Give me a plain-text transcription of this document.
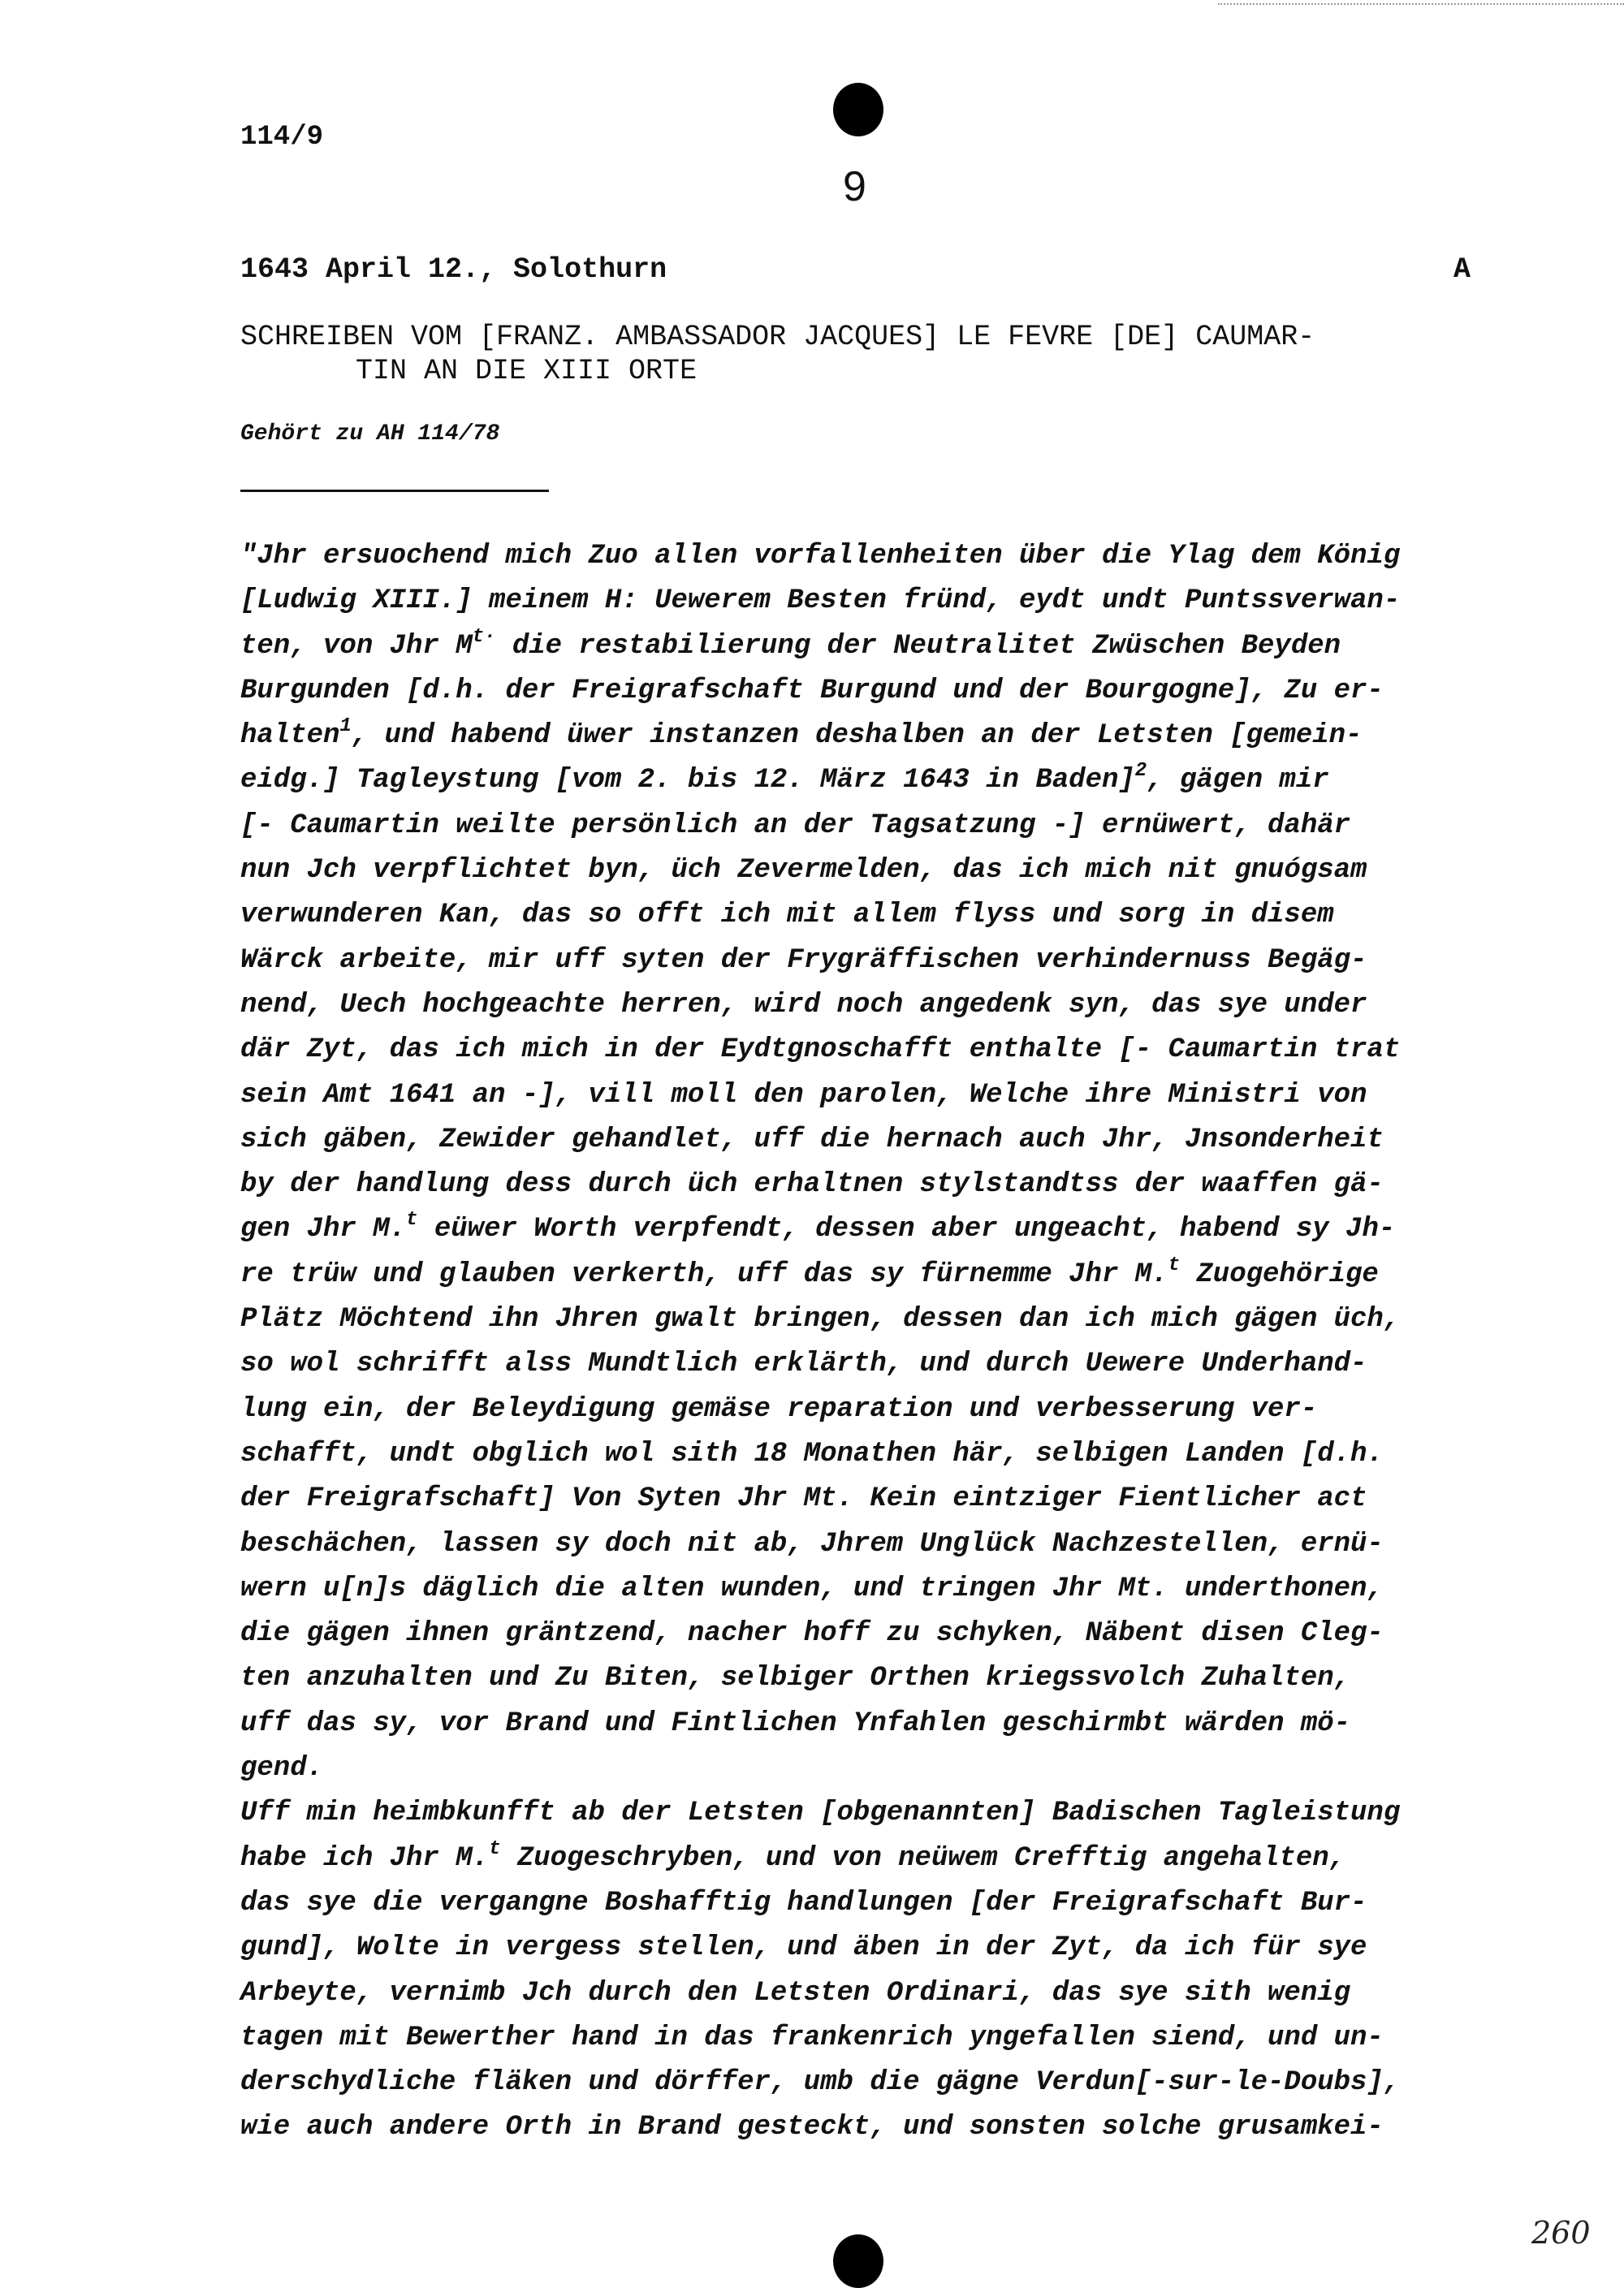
114/9
9
1643 April 12., Solothurn	A
SCHREIBEN VOM [FRANZ. AMBASSADOR JACQUES] LE FEVRE [DE] CAUMAR-
TIN AN DIE XIII ORTE
Gehört zu AH 114/78
"Jhr ersuochend mich Zuo allen vorfallenheiten über die Ylag dem König
[Ludwig XIII.] meinem H: Uewerem Besten fründ, eydt undt Puntssverwan-
ten, von Jhr $M^{t\cdot}$ die restabilierung der Neutralitet Zwüschen Beyden
Burgunden [d.h. der Freigrafschaft Burgund und der Bourgogne], Zu er-
halten$^1$, und habend üwer instanzen deshalben an der Letsten [gemein-
eidg.] Tagleystung [vom 2. bis 12. März 1643 in Baden]$^2$, gägen mir
[- Caumartin weilte persönlich an der Tagsatzung -] ernüwert, dahär
nun Jch verpflichtet byn, üch Zevermelden, das ich mich nit gnuógsam
verwunderen Kan, das so offt ich mit allem flyss und sorg in disem
Wärck arbeite, mir uff syten der Frygräffischen verhindernuss Begäg-
nend, Uech hochgeachte herren, wird noch angedenk syn, das sye under
där Zyt, das ich mich in der Eydtgnoschafft enthalte [- Caumartin trat
sein Amt 1641 an -], vill moll den parolen, Welche ihre Ministri von
sich gäben, Zewider gehandlet, uff die hernach auch Jhr, Jnsonderheit
by der handlung dess durch üch erhaltnen stylstandtss der waaffen gä-
gen Jhr M.$^t$ eüwer Worth verpfendt, dessen aber ungeacht, habend sy Jh-
re trüw und glauben verkerth, uff das sy fürnemme Jhr M.$^t$ Zuogehörige
Plätz Möchtend ihn Jhren gwalt bringen, dessen dan ich mich gägen üch,
so wol schrifft alss Mundtlich erklärth, und durch Uewere Underhand-
lung ein, der Beleydigung gemäse reparation und verbesserung ver-
schafft, undt obglich wol sith 18 Monathen här, selbigen Landen [d.h.
der Freigrafschaft] Von Syten Jhr Mt. Kein eintziger Fientlicher act
beschächen, lassen sy doch nit ab, Jhrem Unglück Nachzestellen, ernü-
wern u[n]s däglich die alten wunden, und tringen Jhr Mt. underthonen,
die gägen ihnen gräntzend, nacher hoff zu schyken, Näbent disen Cleg-
ten anzuhalten und Zu Biten, selbiger Orthen kriegssvolch Zuhalten,
uff das sy, vor Brand und Fintlichen Ynfahlen geschirmbt wärden mö-
gend.
Uff min heimbkunfft ab der Letsten [obgenannten] Badischen Tagleistung
habe ich Jhr M.$^t$ Zuogeschryben, und von neüwem Crefftig angehalten,
das sye die vergangne Boshafftig handlungen [der Freigrafschaft Bur-
gund], Wolte in vergess stellen, und äben in der Zyt, da ich für sye
Arbeyte, vernimb Jch durch den Letsten Ordinari, das sye sith wenig
tagen mit Bewerther hand in das frankenrich yngefallen siend, und un-
derschydliche fläken und dörffer, umb die gägne Verdun[-sur-le-Doubs],
wie auch andere Orth in Brand gesteckt, und sonsten solche grusamkei-
260
